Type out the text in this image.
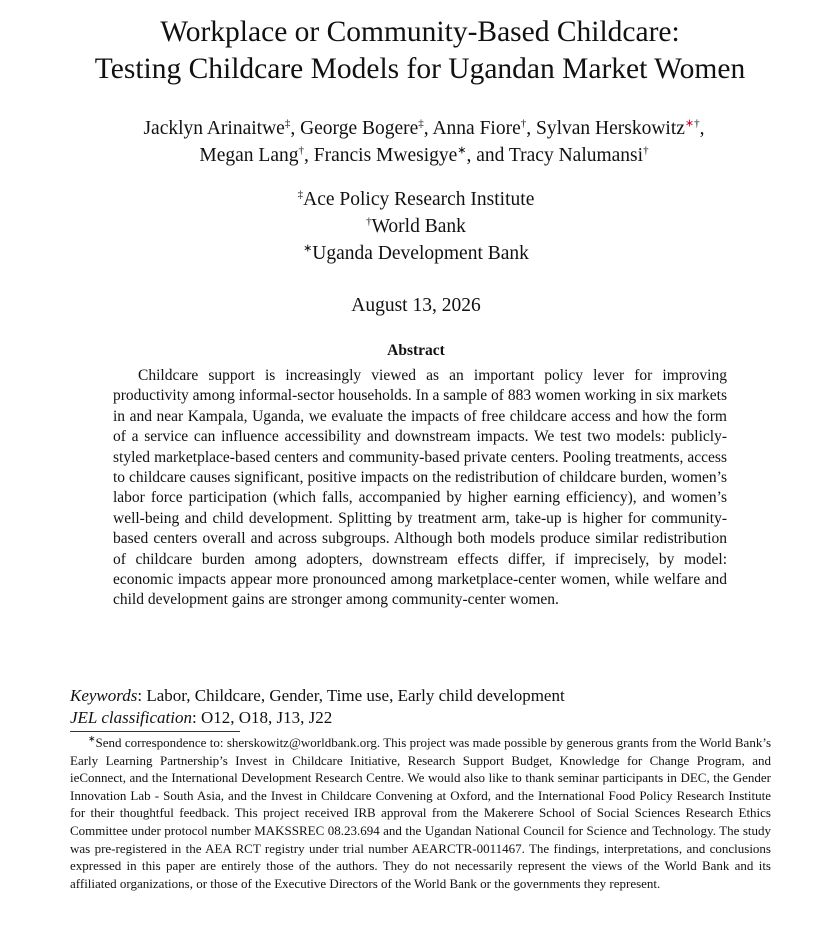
Workplace or Community-Based Childcare:
Testing Childcare Models for Ugandan Market Women
Jacklyn Arinaitwe‡, George Bogere‡, Anna Fiore†, Sylvan Herskowitz∗†,
Megan Lang†, Francis Mwesigye∗, and Tracy Nalumansi†
‡Ace Policy Research Institute
†World Bank
∗Uganda Development Bank
August 13, 2026
Abstract

Childcare support is increasingly viewed as an important policy lever for improving productivity among informal-sector households. In a sample of 883 women working in six markets in and near Kampala, Uganda, we evaluate the impacts of free childcare access and how the form of a service can influence accessibility and downstream impacts. We test two models: publicly-styled marketplace-based centers and community-based private centers. Pooling treatments, access to childcare causes significant, positive impacts on the redistribution of childcare burden, women’s labor force participation (which falls, accompanied by higher earning efficiency), and women’s well-being and child development. Splitting by treatment arm, take-up is higher for community-based centers overall and across subgroups. Although both models produce similar redistribution of childcare burden among adopters, downstream effects differ, if imprecisely, by model: economic impacts appear more pronounced among marketplace-center women, while welfare and child development gains are stronger among community-center women.

Keywords: Labor, Childcare, Gender, Time use, Early child development
JEL classification: O12, O18, J13, J22

∗Send correspondence to: sherskowitz@worldbank.org. This project was made possible by generous grants from the World Bank’s Early Learning Partnership’s Invest in Childcare Initiative, Research Support Budget, Knowledge for Change Program, and ieConnect, and the International Development Research Centre. We would also like to thank seminar participants in DEC, the Gender Innovation Lab - South Asia, and the Invest in Childcare Convening at Oxford, and the International Food Policy Research Institute for their thoughtful feedback. This project received IRB approval from the Makerere School of Social Sciences Research Ethics Committee under protocol number MAKSSREC 08.23.694 and the Ugandan National Council for Science and Technology. The study was pre-registered in the AEA RCT registry under trial number AEARCTR-0011467. The findings, interpretations, and conclusions expressed in this paper are entirely those of the authors. They do not necessarily represent the views of the World Bank and its affiliated organizations, or those of the Executive Directors of the World Bank or the governments they represent.
